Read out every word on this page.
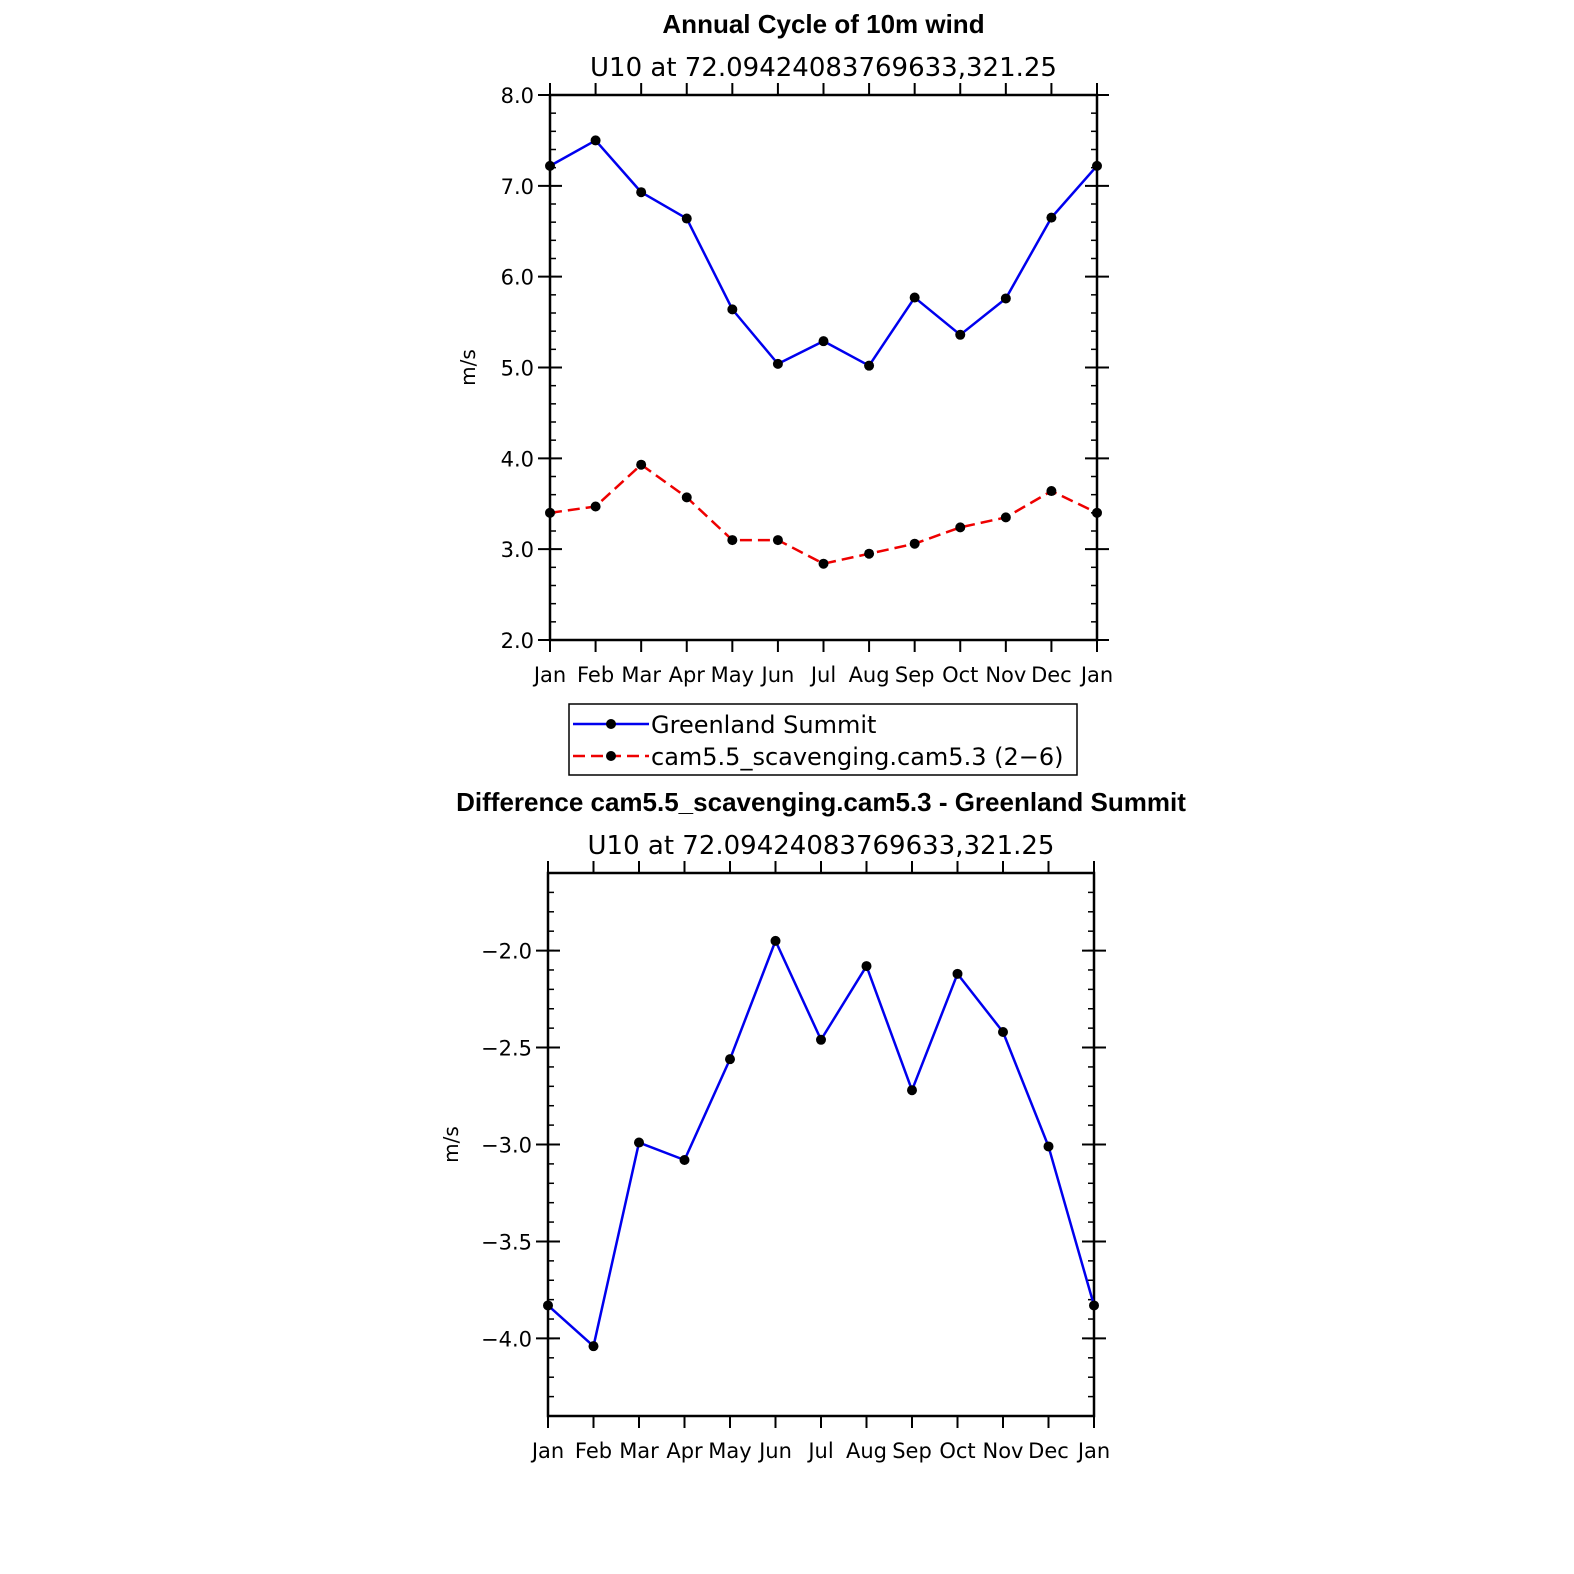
Annual Cycle of 10m wind
U10 at 72.09424083769633,321.25
Jan Feb Mar Apr May Jun Jul Aug Sep Oct Nov Dec Jan
2.0
3.0
4.0
5.0
6.0
7.0
8.0
m/s
Greenland Summit
cam5.5_scavenging.cam5.3 (2−6)
Difference cam5.5_scavenging.cam5.3 - Greenland Summit
U10 at 72.09424083769633,321.25
Jan Feb Mar Apr May Jun Jul Aug Sep Oct Nov Dec Jan
−4.0
−3.5
−3.0
−2.5
−2.0
m/s
